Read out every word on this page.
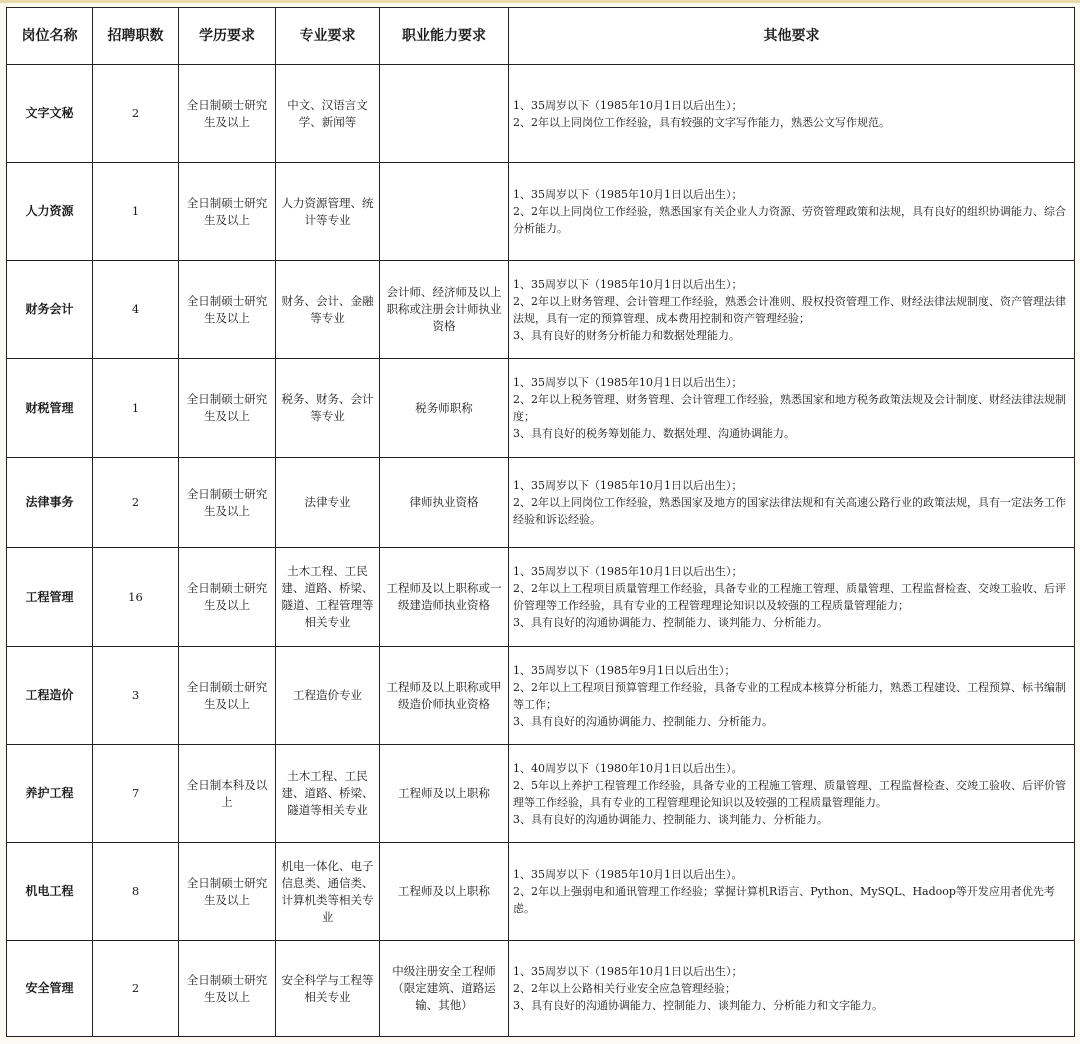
岗位名称	招聘职数	学历要求	专业要求	职业能力要求	其他要求
文字文秘	2	全日制硕士研究生及以上	中文、汉语言文学、新闻等		1、35周岁以下（1985年10月1日以后出生）；
2、2年以上同岗位工作经验，具有较强的文字写作能力，熟悉公文写作规范。

人力资源	1	全日制硕士研究生及以上	人力资源管理、统计等专业		1、35周岁以下（1985年10月1日以后出生）；
2、2年以上同岗位工作经验，熟悉国家有关企业人力资源、劳资管理政策和法规，具有良好的组织协调能力、综合分析能力。

财务会计	4	全日制硕士研究生及以上	财务、会计、金融等专业	会计师、经济师及以上职称或注册会计师执业资格	1、35周岁以下（1985年10月1日以后出生）；
2、2年以上财务管理、会计管理工作经验，熟悉会计准则、股权投资管理工作、财经法律法规制度、资产管理法律法规，具有一定的预算管理、成本费用控制和资产管理经验；
3、具有良好的财务分析能力和数据处理能力。

财税管理	1	全日制硕士研究生及以上	税务、财务、会计等专业	税务师职称	1、35周岁以下（1985年10月1日以后出生）；
2、2年以上税务管理、财务管理、会计管理工作经验，熟悉国家和地方税务政策法规及会计制度、财经法律法规制度；
3、具有良好的税务筹划能力、数据处理、沟通协调能力。

法律事务	2	全日制硕士研究生及以上	法律专业	律师执业资格	1、35周岁以下（1985年10月1日以后出生）；
2、2年以上同岗位工作经验，熟悉国家及地方的国家法律法规和有关高速公路行业的政策法规，具有一定法务工作经验和诉讼经验。

工程管理	16	全日制硕士研究生及以上	土木工程、工民建、道路、桥梁、隧道、工程管理等相关专业	工程师及以上职称或一级建造师执业资格	1、35周岁以下（1985年10月1日以后出生）；
2、2年以上工程项目质量管理工作经验，具备专业的工程施工管理、质量管理、工程监督检查、交竣工验收、后评价管理等工作经验，具有专业的工程管理理论知识以及较强的工程质量管理能力；
3、具有良好的沟通协调能力、控制能力、谈判能力、分析能力。

工程造价	3	全日制硕士研究生及以上	工程造价专业	工程师及以上职称或甲级造价师执业资格	1、35周岁以下（1985年9月1日以后出生）；
2、2年以上工程项目预算管理工作经验，具备专业的工程成本核算分析能力，熟悉工程建设、工程预算、标书编制等工作；
3、具有良好的沟通协调能力、控制能力、分析能力。

养护工程	7	全日制本科及以上	土木工程、工民建、道路、桥梁、隧道等相关专业	工程师及以上职称	1、40周岁以下（1980年10月1日以后出生）。
2、5年以上养护工程管理工作经验，具备专业的工程施工管理、质量管理、工程监督检查、交竣工验收、后评价管理等工作经验，具有专业的工程管理理论知识以及较强的工程质量管理能力。
3、具有良好的沟通协调能力、控制能力、谈判能力、分析能力。

机电工程	8	全日制硕士研究生及以上	机电一体化、电子信息类、通信类、计算机类等相关专业	工程师及以上职称	1、35周岁以下（1985年10月1日以后出生）。
2、2年以上强弱电和通讯管理工作经验；掌握计算机R语言、Python、MySQL、Hadoop等开发应用者优先考虑。

安全管理	2	全日制硕士研究生及以上	安全科学与工程等相关专业	中级注册安全工程师（限定建筑、道路运输、其他）	1、35周岁以下（1985年10月1日以后出生）；
2、2年以上公路相关行业安全应急管理经验；
3、具有良好的沟通协调能力、控制能力、谈判能力、分析能力和文字能力。
